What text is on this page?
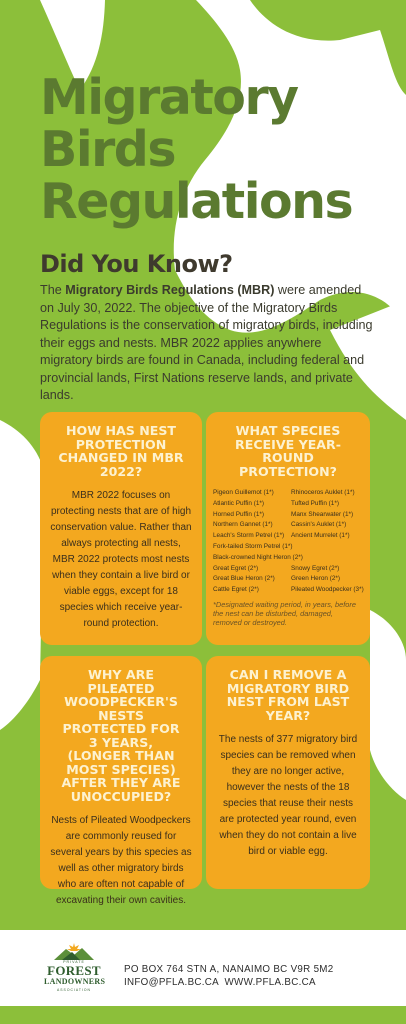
Migratory
Birds
Regulations
Did You Know?
The Migratory Birds Regulations (MBR) were amended on July 30, 2022. The objective of the Migratory Birds Regulations is the conservation of migratory birds, including their eggs and nests. MBR 2022 applies anywhere migratory birds are found in Canada, including federal and provincial lands, First Nations reserve lands, and private lands.
HOW HAS NEST PROTECTION CHANGED IN MBR 2022?
MBR 2022 focuses on protecting nests that are of high conservation value. Rather than always protecting all nests, MBR 2022 protects most nests when they contain a live bird or viable eggs, except for 18 species which receive year-round protection.
WHAT SPECIES RECEIVE YEAR-ROUND PROTECTION?
Pigeon Guillemot (1*)	Rhinoceros Auklet (1*)
Atlantic Puffin (1*)	Tufted Puffin (1*)
Horned Puffin (1*)	Manx Shearwater (1*)
Northern Gannet (1*)	Cassin's Auklet (1*)
Leach's Storm Petrel (1*)	Ancient Murrelet (1*)
Fork-tailed Storm Petrel (1*)
Black-crowned Night Heron (2*)
Great Egret (2*)	Snowy Egret (2*)
Great Blue Heron (2*)	Green Heron (2*)
Cattle Egret (2*)	Pileated Woodpecker (3*)
*Designated waiting period, in years, before the nest can be disturbed, damaged, removed or destroyed.
WHY ARE PILEATED WOODPECKER'S NESTS PROTECTED FOR 3 YEARS, (LONGER THAN MOST SPECIES) AFTER THEY ARE UNOCCUPIED?
Nests of Pileated Woodpeckers are commonly reused for several years by this species as well as other migratory birds who are often not capable of excavating their own cavities.
CAN I REMOVE A MIGRATORY BIRD NEST FROM LAST YEAR?
The nests of 377 migratory bird species can be removed when they are no longer active, however the nests of the 18 species that reuse their nests are protected year round, even when they do not contain a live bird or viable egg.
PRIVATE
FOREST
LANDOWNERS
ASSOCIATION
PO BOX 764 STN A, NANAIMO BC V9R 5M2
INFO@PFLA.BC.CA  WWW.PFLA.BC.CA
